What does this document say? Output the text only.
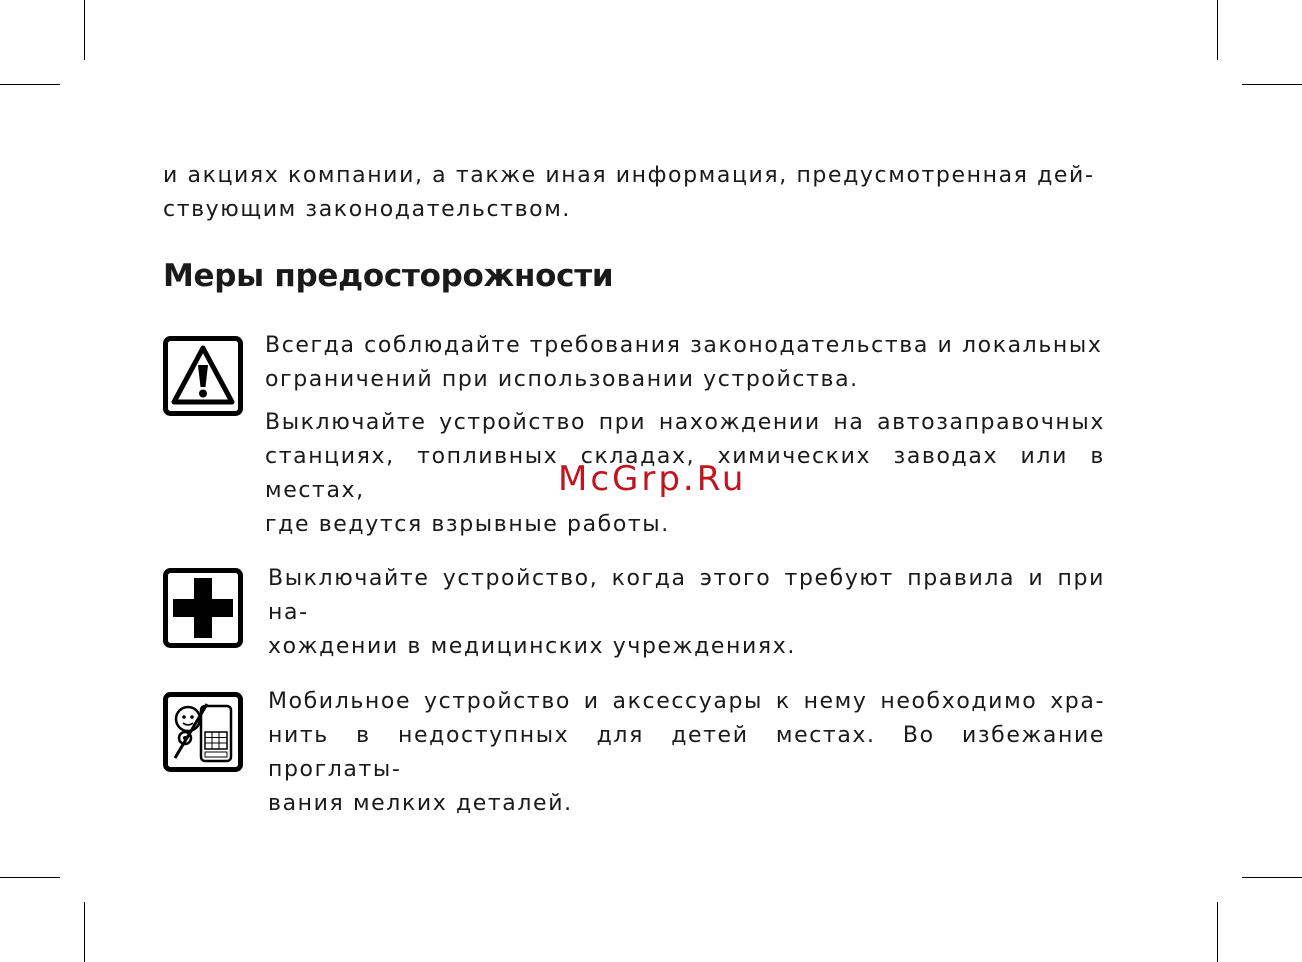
и акциях компании, а также иная информация, предусмотренная дей-
ствующим законодательством.

Меры предосторожности

Всегда соблюдайте требования законодательства и локальных
ограничений при использовании устройства.

Выключайте устройство при нахождении на автозаправочных станциях, топливных складах, химических заводах или в местах,
где ведутся взрывные работы.

Выключайте устройство, когда этого требуют правила и при на-
хождении в медицинских учреждениях.

Мобильное устройство и аксессуары к нему необходимо хра- нить в недоступных для детей местах. Во избежание проглаты-
вания мелких деталей.

McGrp.Ru
